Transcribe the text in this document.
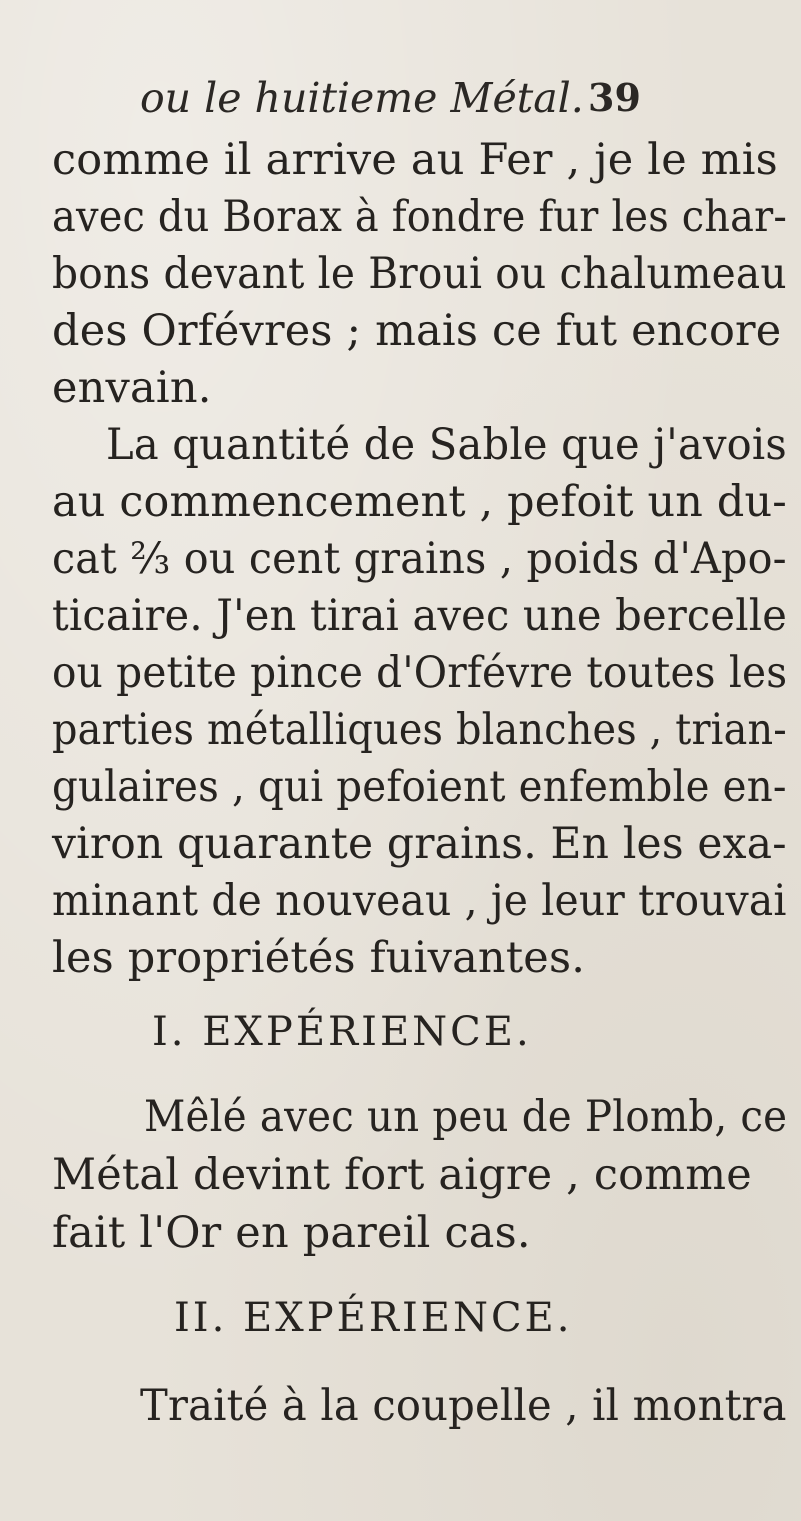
ou le huitieme Métal. 39
comme il arrive au Fer , je le mis
avec du Borax à fondre fur les char-
bons devant le Broui ou chalumeau
des Orfévres ; mais ce fut encore
envain.
La quantité de Sable que j'avois
au commencement , pefoit un du-
cat ⅔ ou cent grains , poids d'Apo-
ticaire. J'en tirai avec une bercelle
ou petite pince d'Orfévre toutes les
parties métalliques blanches , trian-
gulaires , qui pefoient enfemble en-
viron quarante grains. En les exa-
minant de nouveau , je leur trouvai
les propriétés fuivantes.
I. EXPÉRIENCE.
Mêlé avec un peu de Plomb, ce
Métal devint fort aigre , comme
fait l'Or en pareil cas.
II. EXPÉRIENCE.
Traité à la coupelle , il montra
